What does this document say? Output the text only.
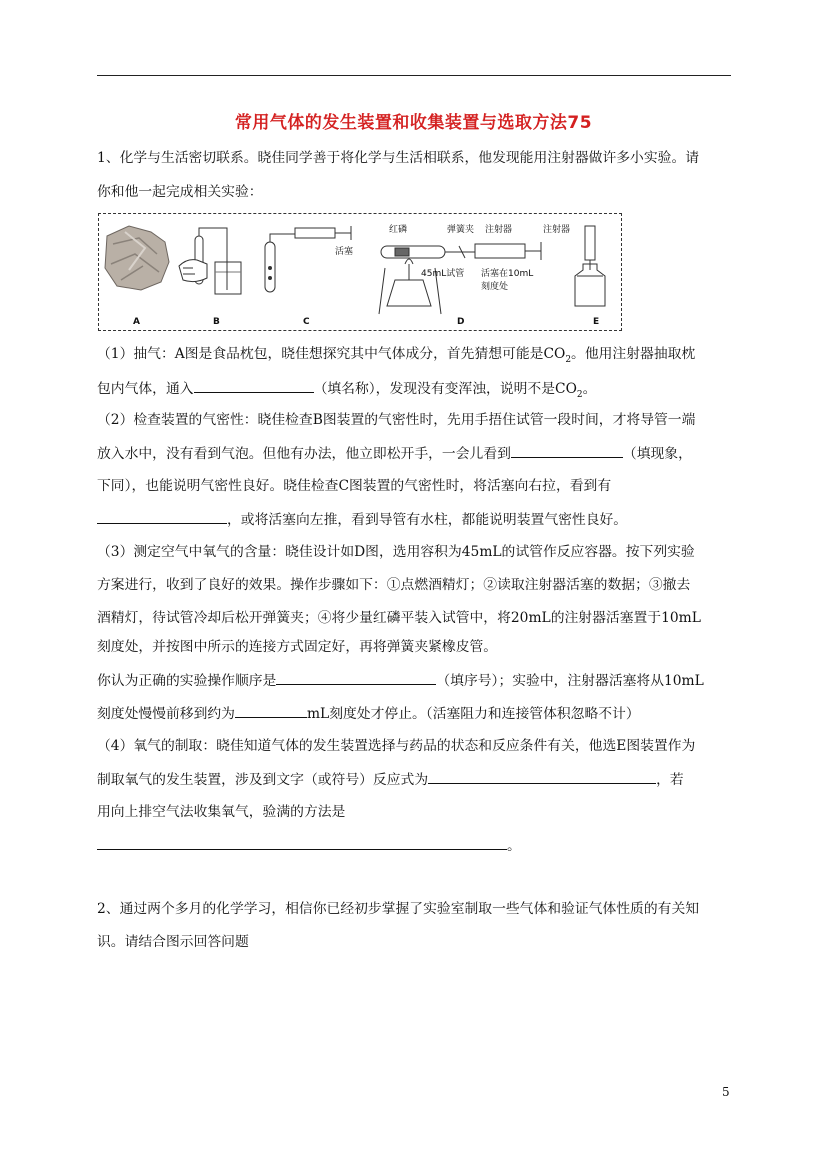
常用气体的发生装置和收集装置与选取方法75
1、化学与生活密切联系。晓佳同学善于将化学与生活相联系，他发现能用注射器做许多小实验。请
你和他一起完成相关实验：
A	B	C	D	E
活塞
红磷	弹簧夹 注射器
45mL试管 活塞在10mL
刻度处
注射器
（1）抽气：A图是食品枕包，晓佳想探究其中气体成分，首先猜想可能是$CO_2$。他用注射器抽取枕
包内气体，通入	（填名称），发现没有变浑浊，说明不是$CO_2$。
（2）检查装置的气密性：晓佳检查B图装置的气密性时，先用手捂住试管一段时间，才将导管一端
放入水中，没有看到气泡。但他有办法，他立即松开手，一会儿看到	（填现象，
下同），也能说明气密性良好。晓佳检查C图装置的气密性时，将活塞向右拉，看到有
，或将活塞向左推，看到导管有水柱，都能说明装置气密性良好。
（3）测定空气中氧气的含量：晓佳设计如D图，选用容积为45mL的试管作反应容器。按下列实验
方案进行，收到了良好的效果。操作步骤如下：①点燃酒精灯；②读取注射器活塞的数据；③撤去
酒精灯，待试管冷却后松开弹簧夹；④将少量红磷平装入试管中，将20mL的注射器活塞置于10mL
刻度处，并按图中所示的连接方式固定好，再将弹簧夹紧橡皮管。
你认为正确的实验操作顺序是	（填序号）；实验中，注射器活塞将从10mL
刻度处慢慢前移到约为	mL刻度处才停止。（活塞阻力和连接管体积忽略不计）
（4）氧气的制取：晓佳知道气体的发生装置选择与药品的状态和反应条件有关，他选E图装置作为
制取氧气的发生装置，涉及到文字（或符号）反应式为	，若
用向上排空气法收集氧气，验满的方法是
。
2、通过两个多月的化学学习，相信你已经初步掌握了实验室制取一些气体和验证气体性质的有关知
识。请结合图示回答问题
5
